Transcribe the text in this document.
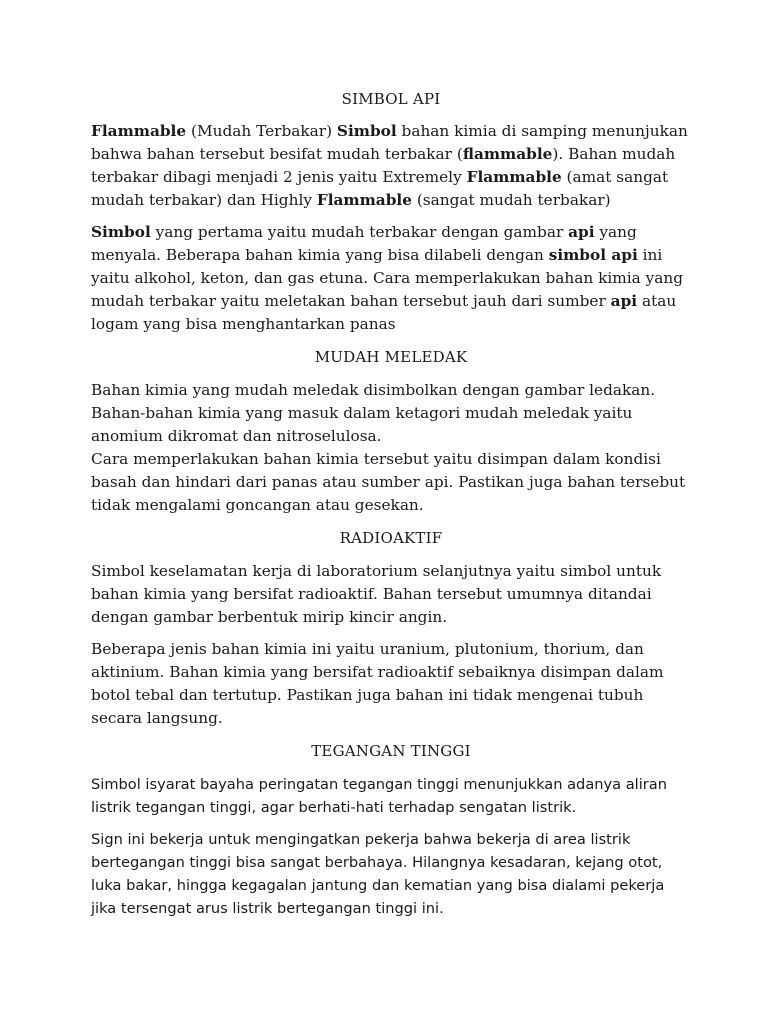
SIMBOL API

Flammable (Mudah Terbakar) Simbol bahan kimia di samping menunjukan bahwa bahan tersebut besifat mudah terbakar (flammable). Bahan mudah terbakar dibagi menjadi 2 jenis yaitu Extremely Flammable (amat sangat mudah terbakar) dan Highly Flammable (sangat mudah terbakar)

Simbol yang pertama yaitu mudah terbakar dengan gambar api yang menyala. Beberapa bahan kimia yang bisa dilabeli dengan simbol api ini yaitu alkohol, keton, dan gas etuna. Cara memperlakukan bahan kimia yang mudah terbakar yaitu meletakan bahan tersebut jauh dari sumber api atau logam yang bisa menghantarkan panas

MUDAH MELEDAK

Bahan kimia yang mudah meledak disimbolkan dengan gambar ledakan. Bahan-bahan kimia yang masuk dalam ketagori mudah meledak yaitu anomium dikromat dan nitroselulosa.

Cara memperlakukan bahan kimia tersebut yaitu disimpan dalam kondisi basah dan hindari dari panas atau sumber api. Pastikan juga bahan tersebut tidak mengalami goncangan atau gesekan.

RADIOAKTIF

Simbol keselamatan kerja di laboratorium selanjutnya yaitu simbol untuk bahan kimia yang bersifat radioaktif. Bahan tersebut umumnya ditandai dengan gambar berbentuk mirip kincir angin.

Beberapa jenis bahan kimia ini yaitu uranium, plutonium, thorium, dan aktinium. Bahan kimia yang bersifat radioaktif sebaiknya disimpan dalam botol tebal dan tertutup. Pastikan juga bahan ini tidak mengenai tubuh secara langsung.

TEGANGAN TINGGI

Simbol isyarat bayaha peringatan tegangan tinggi menunjukkan adanya aliran listrik tegangan tinggi, agar berhati-hati terhadap sengatan listrik.

Sign ini bekerja untuk mengingatkan pekerja bahwa bekerja di area listrik bertegangan tinggi bisa sangat berbahaya. Hilangnya kesadaran, kejang otot, luka bakar, hingga kegagalan jantung dan kematian yang bisa dialami pekerja jika tersengat arus listrik bertegangan tinggi ini.
